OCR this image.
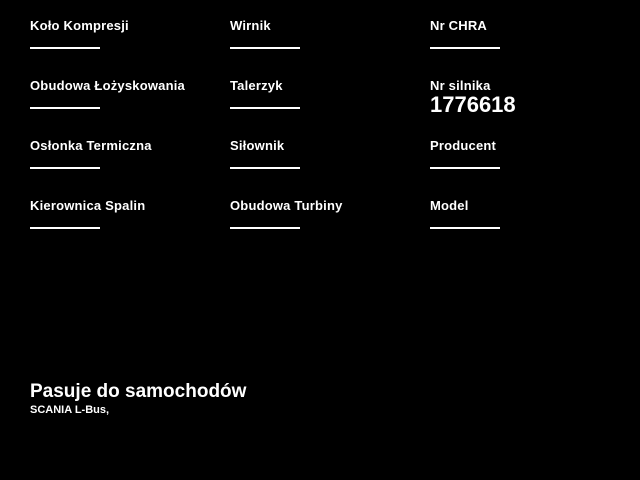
Koło Kompresji	Wirnik	Nr CHRA
Obudowa Łożyskowania	Talerzyk	Nr silnika
1776618
Osłonka Termiczna	Siłownik	Producent
Kierownica Spalin	Obudowa Turbiny	Model
Pasuje do samochodów
SCANIA L-Bus,
